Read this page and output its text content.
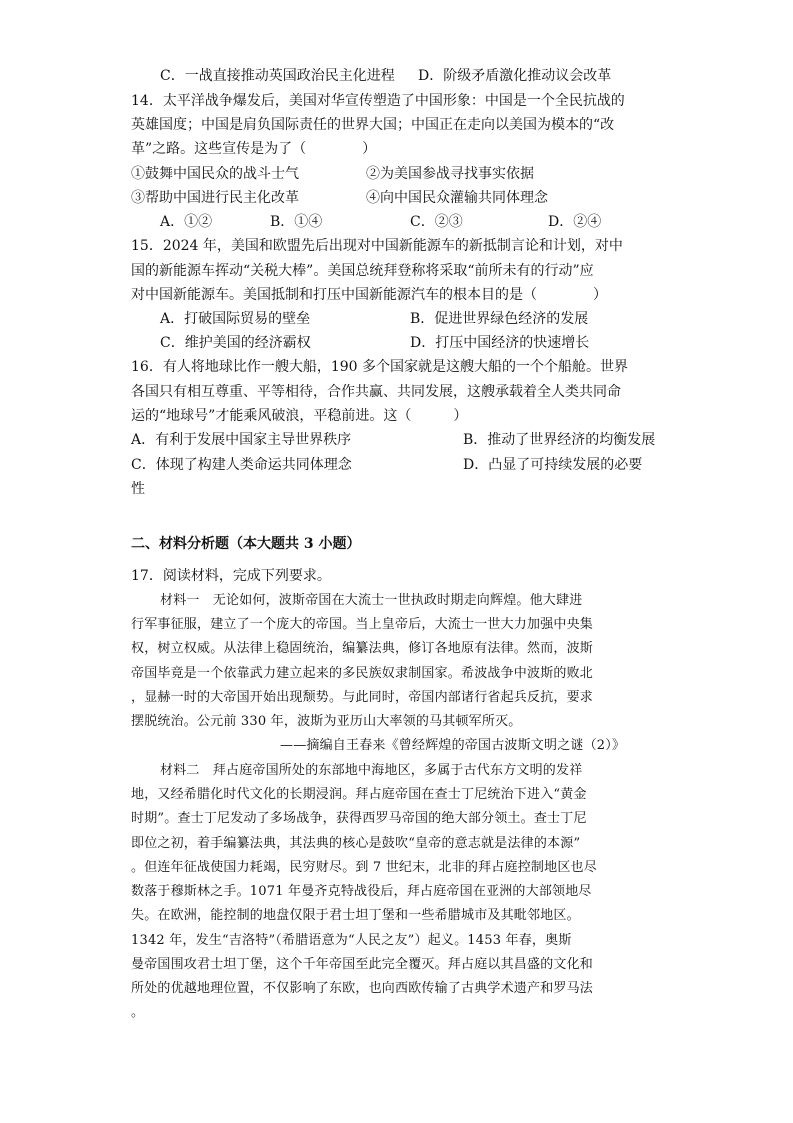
C．一战直接推动英国政治民主化进程 D．阶级矛盾激化推动议会改革
14．太平洋战争爆发后，美国对华宣传塑造了中国形象：中国是一个全民抗战的
英雄国度；中国是肩负国际责任的世界大国；中国正在走向以美国为模本的“改
革”之路。这些宣传是为了（　　　　）
①鼓舞中国民众的战斗士气	②为美国参战寻找事实依据
③帮助中国进行民主化改革	④向中国民众灌输共同体理念
A．①②	B．①④	C．②③	D．②④
15．2024 年，美国和欧盟先后出现对中国新能源车的新抵制言论和计划，对中
国的新能源车挥动“关税大棒”。美国总统拜登称将采取“前所未有的行动”应
对中国新能源车。美国抵制和打压中国新能源汽车的根本目的是（　　　　）
A．打破国际贸易的壁垒	B．促进世界绿色经济的发展
C．维护美国的经济霸权	D．打压中国经济的快速增长
16．有人将地球比作一艘大船，190 多个国家就是这艘大船的一个个船舱。世界
各国只有相互尊重、平等相待，合作共赢、共同发展，这艘承载着全人类共同命
运的“地球号”才能乘风破浪，平稳前进。这（　　　）
A．有利于发展中国家主导世界秩序	B．推动了世界经济的均衡发展
C．体现了构建人类命运共同体理念	D．凸显了可持续发展的必要
性
二、材料分析题（本大题共 3 小题）
17．阅读材料，完成下列要求。
材料一　无论如何，波斯帝国在大流士一世执政时期走向辉煌。他大肆进
行军事征服，建立了一个庞大的帝国。当上皇帝后，大流士一世大力加强中央集
权，树立权威。从法律上稳固统治，编纂法典，修订各地原有法律。然而，波斯
帝国毕竟是一个依靠武力建立起来的多民族奴隶制国家。希波战争中波斯的败北
，显赫一时的大帝国开始出现颓势。与此同时，帝国内部诸行省起兵反抗，要求
摆脱统治。公元前 330 年，波斯为亚历山大率领的马其顿军所灭。
——摘编自王春来《曾经辉煌的帝国古波斯文明之谜（2）》
材料二　拜占庭帝国所处的东部地中海地区，多属于古代东方文明的发祥
地，又经希腊化时代文化的长期浸润。拜占庭帝国在查士丁尼统治下进入“黄金
时期”。查士丁尼发动了多场战争，获得西罗马帝国的绝大部分领土。查士丁尼
即位之初，着手编纂法典，其法典的核心是鼓吹“皇帝的意志就是法律的本源”
。但连年征战使国力耗竭，民穷财尽。到 7 世纪末，北非的拜占庭控制地区也尽
数落于穆斯林之手。1071 年曼齐克特战役后，拜占庭帝国在亚洲的大部领地尽
失。在欧洲，能控制的地盘仅限于君士坦丁堡和一些希腊城市及其毗邻地区。
1342 年，发生“吉洛特”（希腊语意为“人民之友”）起义。1453 年春，奥斯
曼帝国围攻君士坦丁堡，这个千年帝国至此完全覆灭。拜占庭以其昌盛的文化和
所处的优越地理位置，不仅影响了东欧，也向西欧传输了古典学术遗产和罗马法
。
